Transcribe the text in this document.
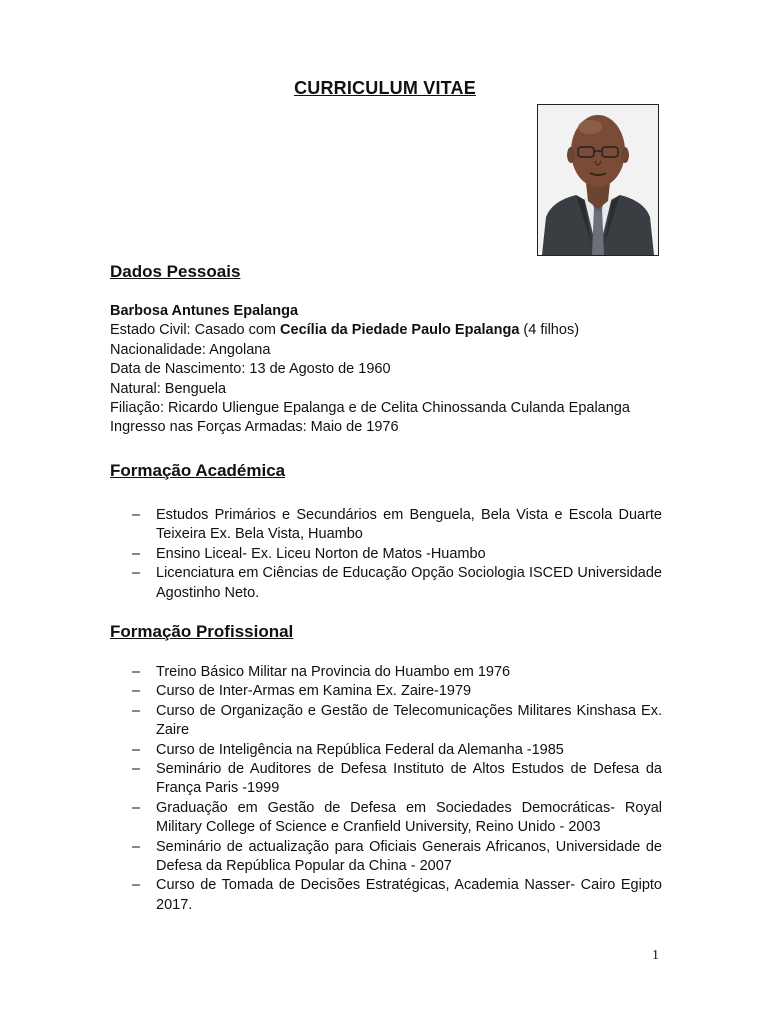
CURRICULUM VITAE
Dados Pessoais
Barbosa Antunes Epalanga
Estado Civil: Casado com Cecília da Piedade Paulo Epalanga (4 filhos)
Nacionalidade: Angolana
Data de Nascimento: 13 de Agosto de 1960
Natural: Benguela
Filiação: Ricardo Uliengue Epalanga e de Celita Chinossanda Culanda Epalanga
Ingresso nas Forças Armadas: Maio de 1976
Formação Académica
– Estudos Primários e Secundários em Benguela, Bela Vista e Escola Duarte Teixeira Ex. Bela Vista, Huambo
– Ensino Liceal- Ex. Liceu Norton de Matos -Huambo
– Licenciatura em Ciências de Educação Opção Sociologia ISCED Universidade Agostinho Neto.
Formação Profissional
– Treino Básico Militar na Provincia do Huambo em 1976
– Curso de Inter-Armas em Kamina Ex. Zaire-1979
– Curso de Organização e Gestão de Telecomunicações Militares Kinshasa Ex. Zaire
– Curso de Inteligência na República Federal da Alemanha -1985
– Seminário de Auditores de Defesa Instituto de Altos Estudos de Defesa da França Paris -1999
– Graduação em Gestão de Defesa em Sociedades Democráticas- Royal Military College of Science e Cranfield University, Reino Unido - 2003
– Seminário de actualização para Oficiais Generais Africanos, Universidade de Defesa da República Popular da China - 2007
– Curso de Tomada de Decisões Estratégicas, Academia Nasser- Cairo Egipto 2017.
1
